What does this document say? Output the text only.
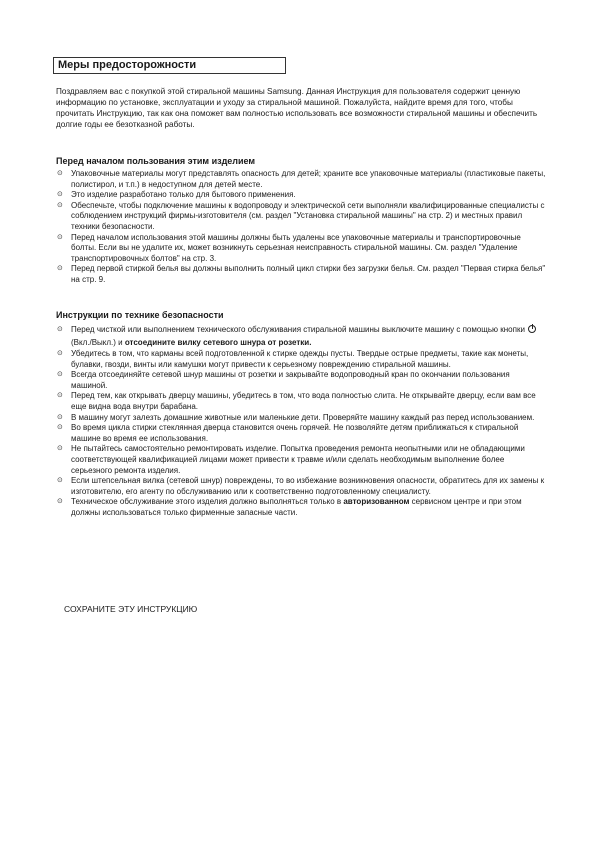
Меры предосторожности
Поздравляем вас с покупкой этой стиральной машины Samsung. Данная Инструкция для пользователя содержит ценную информацию по установке, эксплуатации и уходу за стиральной машиной. Пожалуйста, найдите время для того, чтобы прочитать Инструкцию, так как она поможет вам полностью использовать все возможности стиральной машины и обеспечить долгие годы ее безотказной работы.
Перед началом пользования этим изделием
⊙ Упаковочные материалы могут представлять опасность для детей; храните все упаковочные материалы (пластиковые пакеты, полистирол, и т.п.) в недоступном для детей месте.
⊙ Это изделие разработано только для бытового применения.
⊙ Обеспечьте, чтобы подключение машины к водопроводу и электрической сети выполняли квалифицированные специалисты с соблюдением инструкций фирмы-изготовителя (см. раздел "Установка стиральной машины" на стр. 2) и местных правил техники безопасности.
⊙ Перед началом использования этой машины должны быть удалены все упаковочные материалы и транспортировочные болты. Если вы не удалите их, может возникнуть серьезная неисправность стиральной машины. См. раздел "Удаление транспортировочных болтов" на стр. 3.
⊙ Перед первой стиркой белья вы должны выполнить полный цикл стирки без загрузки белья. См. раздел "Первая стирка белья" на стр. 9.
Инструкции по технике безопасности
⊙ Перед чисткой или выполнением технического обслуживания стиральной машины выключите машину с помощью кнопки  (Вкл./Выкл.) и отсоедините вилку сетевого шнура от розетки.
⊙ Убедитесь в том, что карманы всей подготовленной к стирке одежды пусты. Твердые острые предметы, такие как монеты, булавки, гвозди, винты или камушки могут привести к серьезному повреждению стиральной машины.
⊙ Всегда отсоединяйте сетевой шнур машины от розетки и закрывайте водопроводный кран по окончании пользования машиной.
⊙ Перед тем, как открывать дверцу машины, убедитесь в том, что вода полностью слита. Не открывайте дверцу, если вам все еще видна вода внутри барабана.
⊙ В машину могут залезть домашние животные или маленькие дети. Проверяйте машину каждый раз перед использованием.
⊙ Во время цикла стирки стеклянная дверца становится очень горячей. Не позволяйте детям приближаться к стиральной машине во время ее использования.
⊙ Не пытайтесь самостоятельно ремонтировать изделие. Попытка проведения ремонта неопытными или не обладающими соответствующей квалификацией лицами может привести к травме и/или сделать необходимым выполнение более серьезного ремонта изделия.
⊙ Если штепсельная вилка (сетевой шнур) повреждены, то во избежание возникновения опасности, обратитесь для их замены к изготовителю, его агенту по обслуживанию или к соответственно подготовленному специалисту.
⊙ Техническое обслуживание этого изделия должно выполняться только в авторизованном сервисном центре и при этом должны использоваться только фирменные запасные части.
СОХРАНИТЕ ЭТУ ИНСТРУКЦИЮ
